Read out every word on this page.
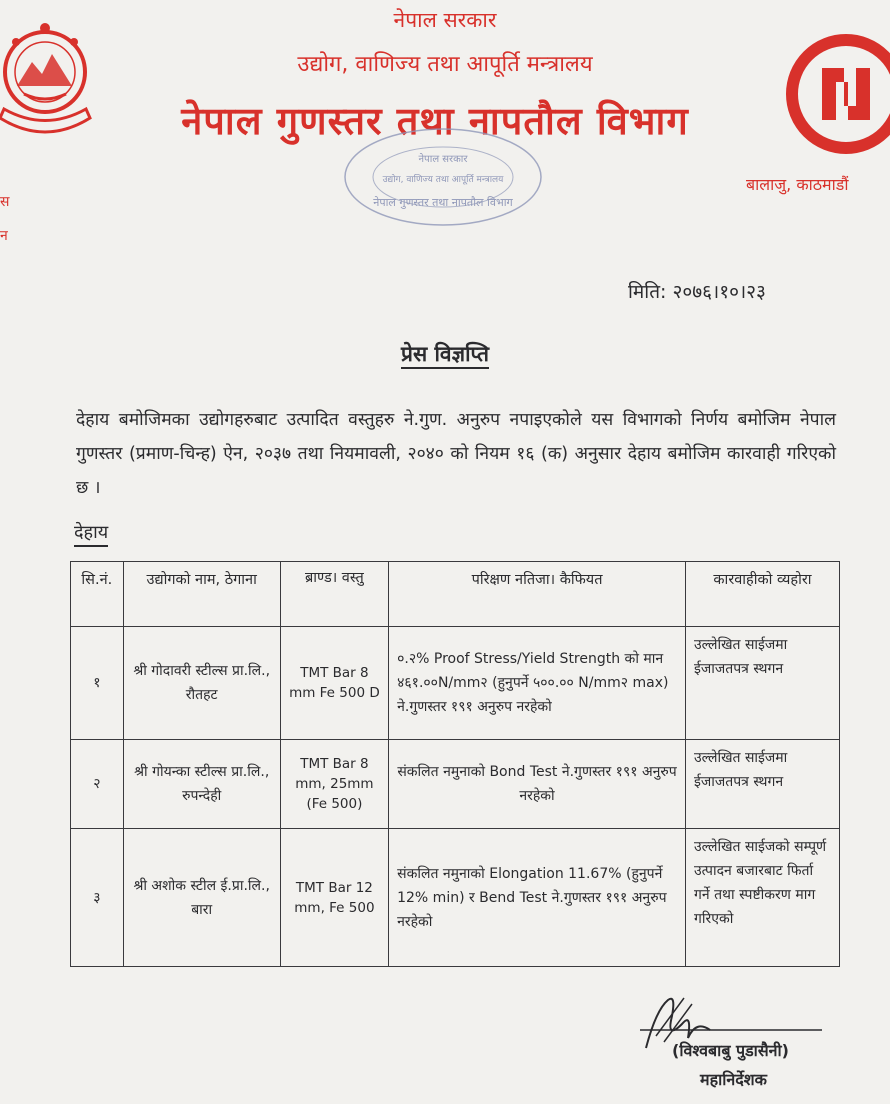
नेपाल सरकार
उद्योग, वाणिज्य तथा आपूर्ति मन्त्रालय
नेपाल गुणस्तर तथा नापतौल विभाग
नेपाल सरकार
उद्योग, वाणिज्य तथा आपूर्ति मन्त्रालय
नेपाल गुणस्तर तथा नापतौल विभाग
बालाजु, काठमाडौं
स
न
मिति: २०७६।१०।२३
प्रेस विज्ञप्ति
देहाय बमोजिमका उद्योगहरुबाट उत्पादित वस्तुहरु ने.गुण. अनुरुप नपाइएकोले यस विभागको निर्णय बमोजिम नेपाल गुणस्तर (प्रमाण-चिन्ह) ऐन, २०३७ तथा नियमावली, २०४० को नियम १६ (क) अनुसार देहाय बमोजिम कारवाही गरिएको छ ।
देहाय
सि.नं.	उद्योगको नाम, ठेगाना	ब्राण्ड। वस्तु	परिक्षण नतिजा। कैफियत	कारवाहीको व्यहोरा
१	श्री गोदावरी स्टील्स प्रा.लि., रौतहट	TMT Bar 8 mm Fe 500 D	०.२% Proof Stress/Yield Strength को मान ४६१.००N/mm२ (हुनुपर्ने ५००.०० N/mm२ max) ने.गुणस्तर १९१ अनुरुप नरहेको	उल्लेखित साईजमा ईजाजतपत्र स्थगन
२	श्री गोयन्का स्टील्स प्रा.लि., रुपन्देही	TMT Bar 8 mm, 25mm (Fe 500)	संकलित नमुनाको Bond Test ने.गुणस्तर १९१ अनुरुप नरहेको	उल्लेखित साईजमा ईजाजतपत्र स्थगन
३	श्री अशोक स्टील ई.प्रा.लि., बारा	TMT Bar 12 mm, Fe 500	संकलित नमुनाको Elongation 11.67% (हुनुपर्ने 12% min) र Bend Test ने.गुणस्तर १९१ अनुरुप नरहेको	उल्लेखित साईजको सम्पूर्ण उत्पादन बजारबाट फिर्ता गर्ने तथा स्पष्टीकरण माग गरिएको
(विश्वबाबु पुडासैनी)
महानिर्देशक
